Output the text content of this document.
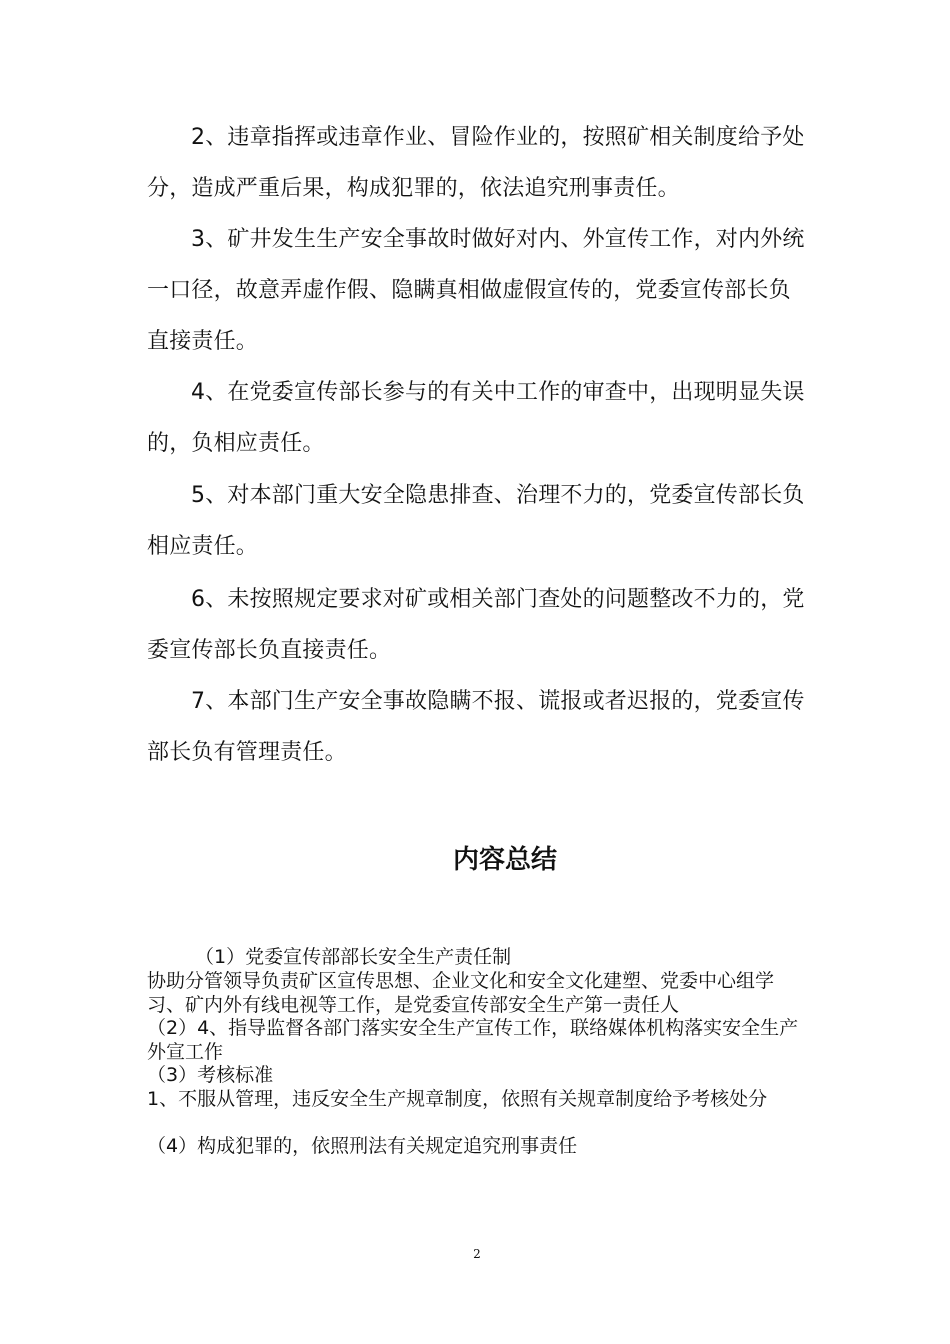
2、违章指挥或违章作业、冒险作业的，按照矿相关制度给予处分，造成严重后果，构成犯罪的，依法追究刑事责任。

3、矿井发生生产安全事故时做好对内、外宣传工作，对内外统一口径，故意弄虚作假、隐瞒真相做虚假宣传的，党委宣传部长负直接责任。

4、在党委宣传部长参与的有关中工作的审查中，出现明显失误的，负相应责任。

5、对本部门重大安全隐患排查、治理不力的，党委宣传部长负相应责任。

6、未按照规定要求对矿或相关部门查处的问题整改不力的，党委宣传部长负直接责任。

7、本部门生产安全事故隐瞒不报、谎报或者迟报的，党委宣传部长负有管理责任。

内容总结

（1）党委宣传部部长安全生产责任制

协助分管领导负责矿区宣传思想、企业文化和安全文化建塑、党委中心组学习、矿内外有线电视等工作，是党委宣传部安全生产第一责任人

（2）4、指导监督各部门落实安全生产宣传工作，联络媒体机构落实安全生产外宣工作

（3）考核标准

1、不服从管理，违反安全生产规章制度，依照有关规章制度给予考核处分

（4）构成犯罪的，依照刑法有关规定追究刑事责任

2
